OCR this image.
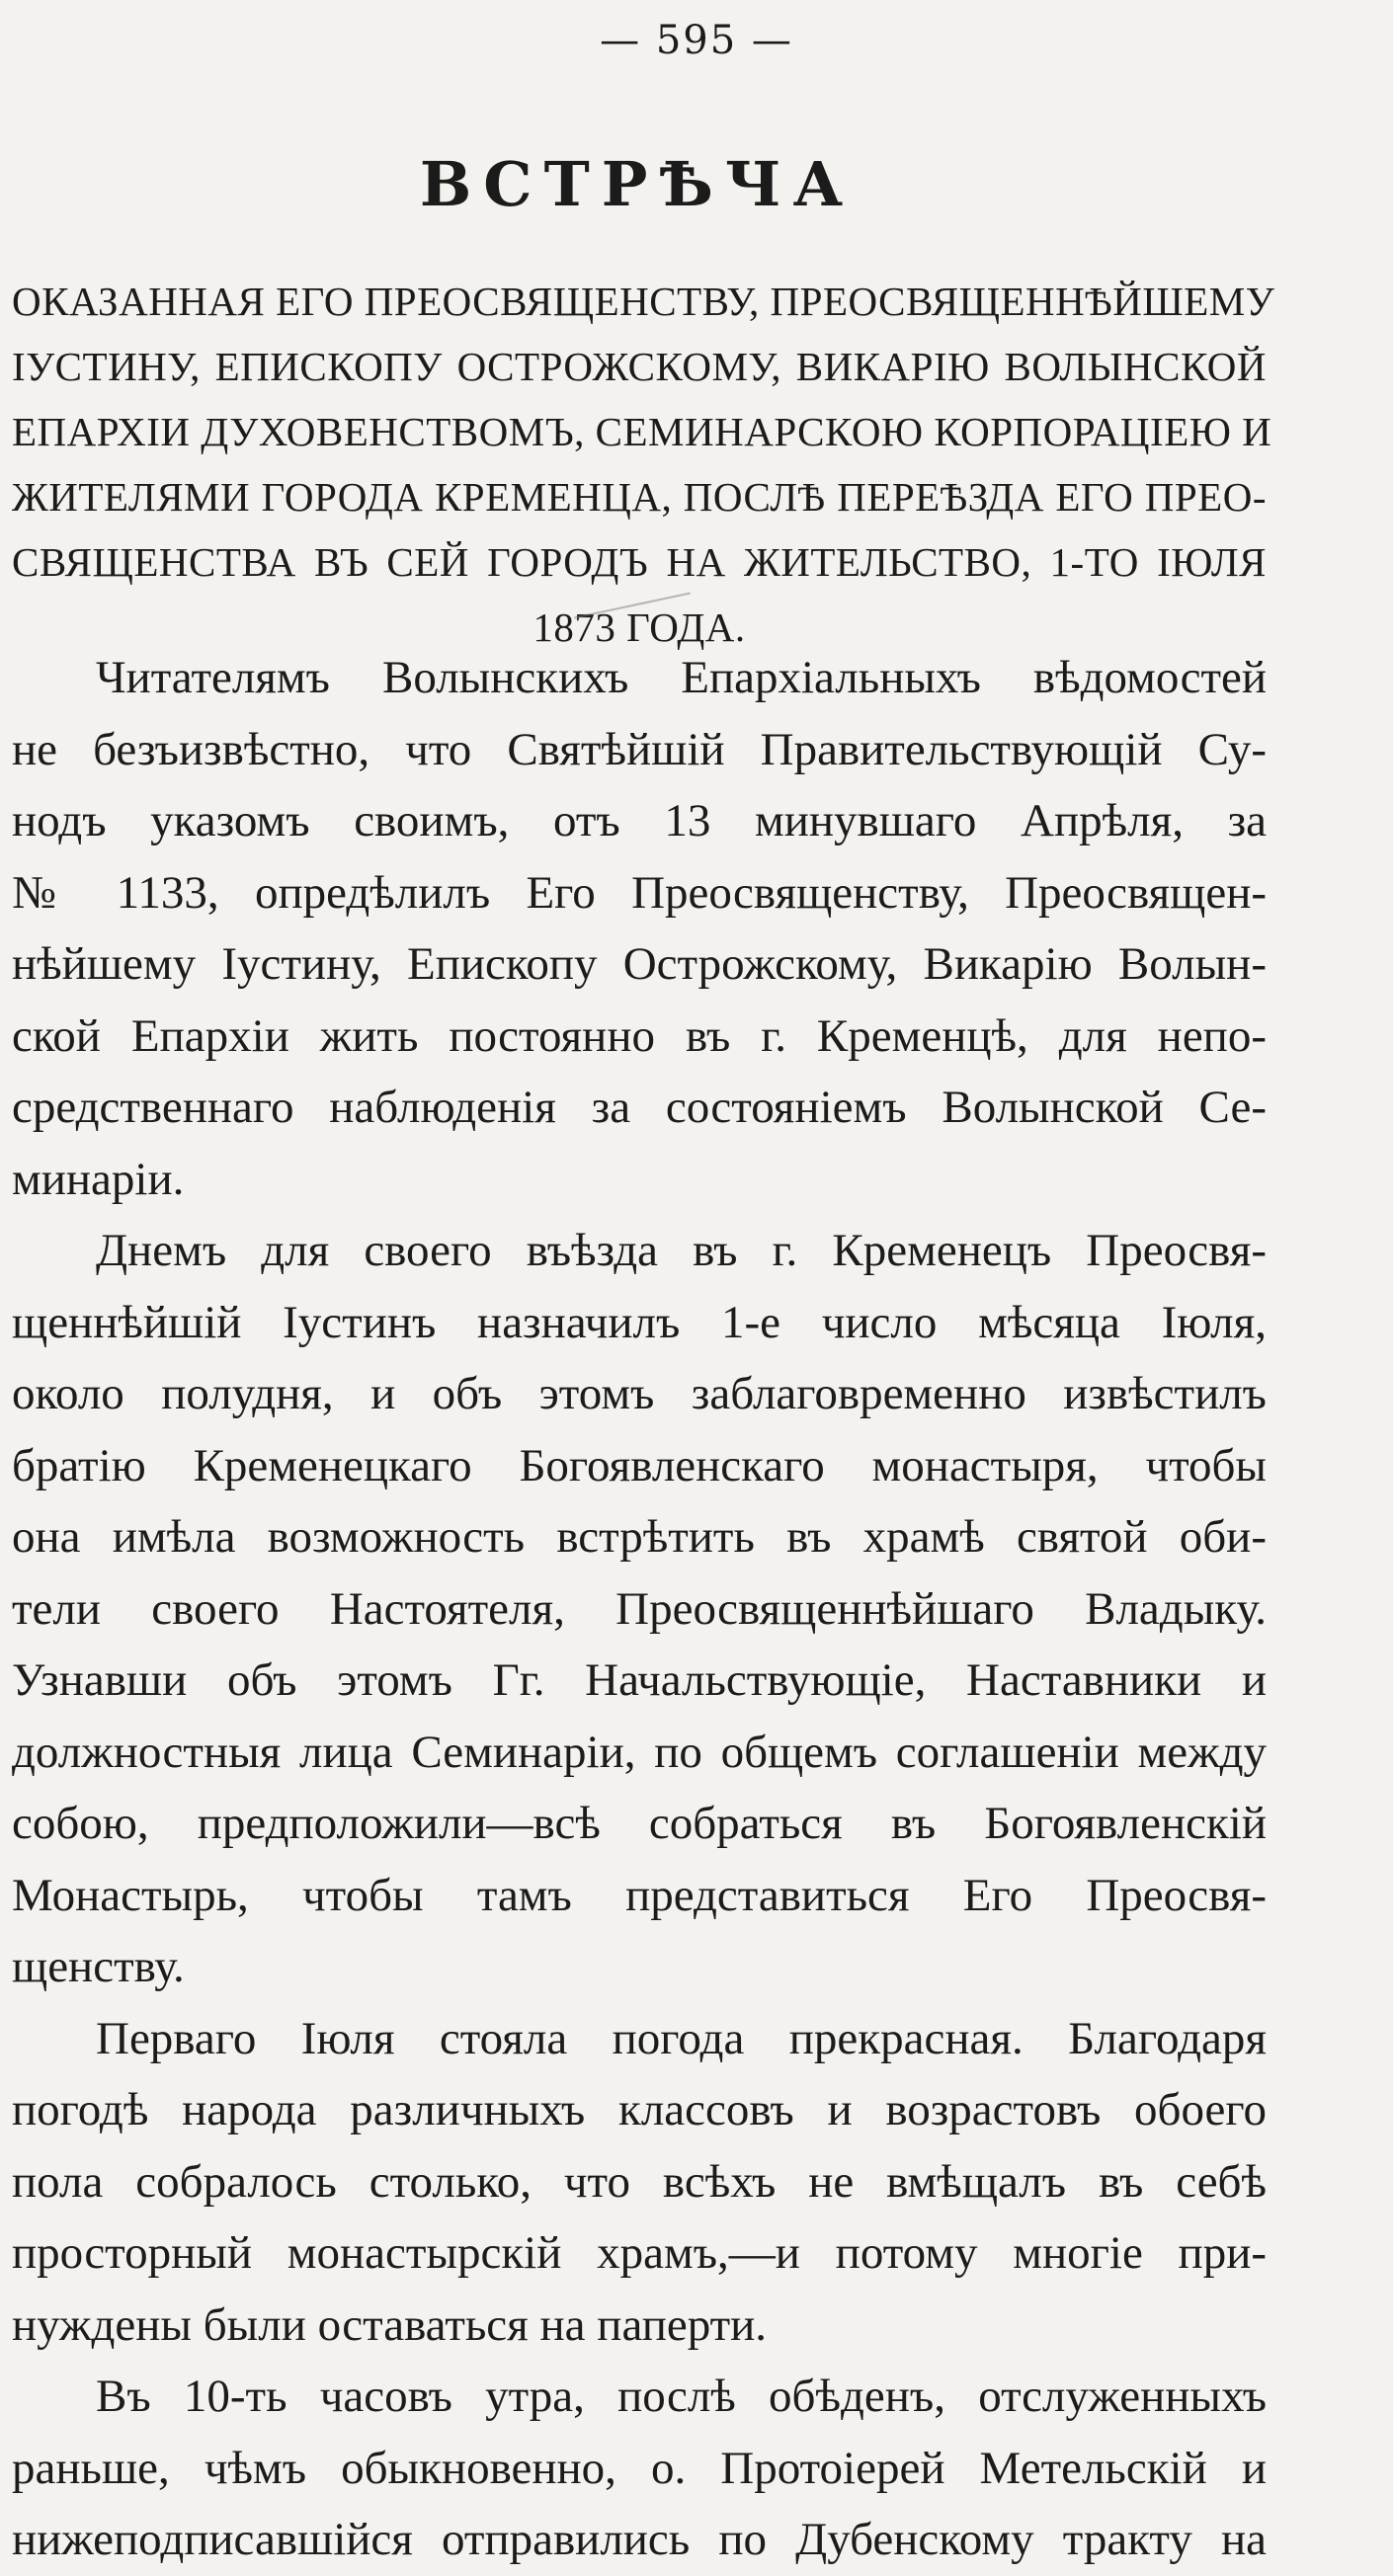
— 595 —
ВСТРѢЧА
ОКАЗАННАЯ ЕГО ПРЕОСВЯЩЕНСТВУ, ПРЕОСВЯЩЕННѢЙШЕМУ
ІУСТИНУ, ЕПИСКОПУ ОСТРОЖСКОМУ, ВИКАРІЮ ВОЛЫНСКОЙ
ЕПАРХІИ ДУХОВЕНСТВОМЪ, СЕМИНАРСКОЮ КОРПОРАЦІЕЮ И
ЖИТЕЛЯМИ ГОРОДА КРЕМЕНЦА, ПОСЛѢ ПЕРЕѢЗДА ЕГО ПРЕО-
СВЯЩЕНСТВА ВЪ СЕЙ ГОРОДЪ НА ЖИТЕЛЬСТВО, 1-ТО ІЮЛЯ
1873 ГОДА.
Читателямъ Волынскихъ Епархіальныхъ вѣдомостей
не безъизвѣстно, что Святѣйшій Правительствующій Су-
нодъ указомъ своимъ, отъ 13 минувшаго Апрѣля, за
№ 1133, опредѣлилъ Его Преосвященству, Преосвящен-
нѣйшему Іустину, Епископу Острожскому, Викарію Волын-
ской Епархіи жить постоянно въ г. Кременцѣ, для непо-
средственнаго наблюденія за состояніемъ Волынской Се-
минаріи.
Днемъ для своего въѣзда въ г. Кременецъ Преосвя-
щеннѣйшій Іустинъ назначилъ 1-е число мѣсяца Іюля,
около полудня, и объ этомъ заблаговременно извѣстилъ
братію Кременецкаго Богоявленскаго монастыря, чтобы
она имѣла возможность встрѣтить въ храмѣ святой оби-
тели своего Настоятеля, Преосвященнѣйшаго Владыку.
Узнавши объ этомъ Гг. Начальствующіе, Наставники и
должностныя лица Семинаріи, по общемъ соглашеніи между
собою, предположили—всѣ собраться въ Богоявленскій
Монастырь, чтобы тамъ представиться Его Преосвя-
щенству.
Перваго Іюля стояла погода прекрасная. Благодаря
погодѣ народа различныхъ классовъ и возрастовъ обоего
пола собралось столько, что всѣхъ не вмѣщалъ въ себѣ
просторный монастырскій храмъ,—и потому многіе при-
нуждены были оставаться на паперти.
Въ 10-ть часовъ утра, послѣ обѣденъ, отслуженныхъ
раньше, чѣмъ обыкновенно, о. Протоіерей Метельскій и
нижеподписавшійся отправились по Дубенскому тракту на
